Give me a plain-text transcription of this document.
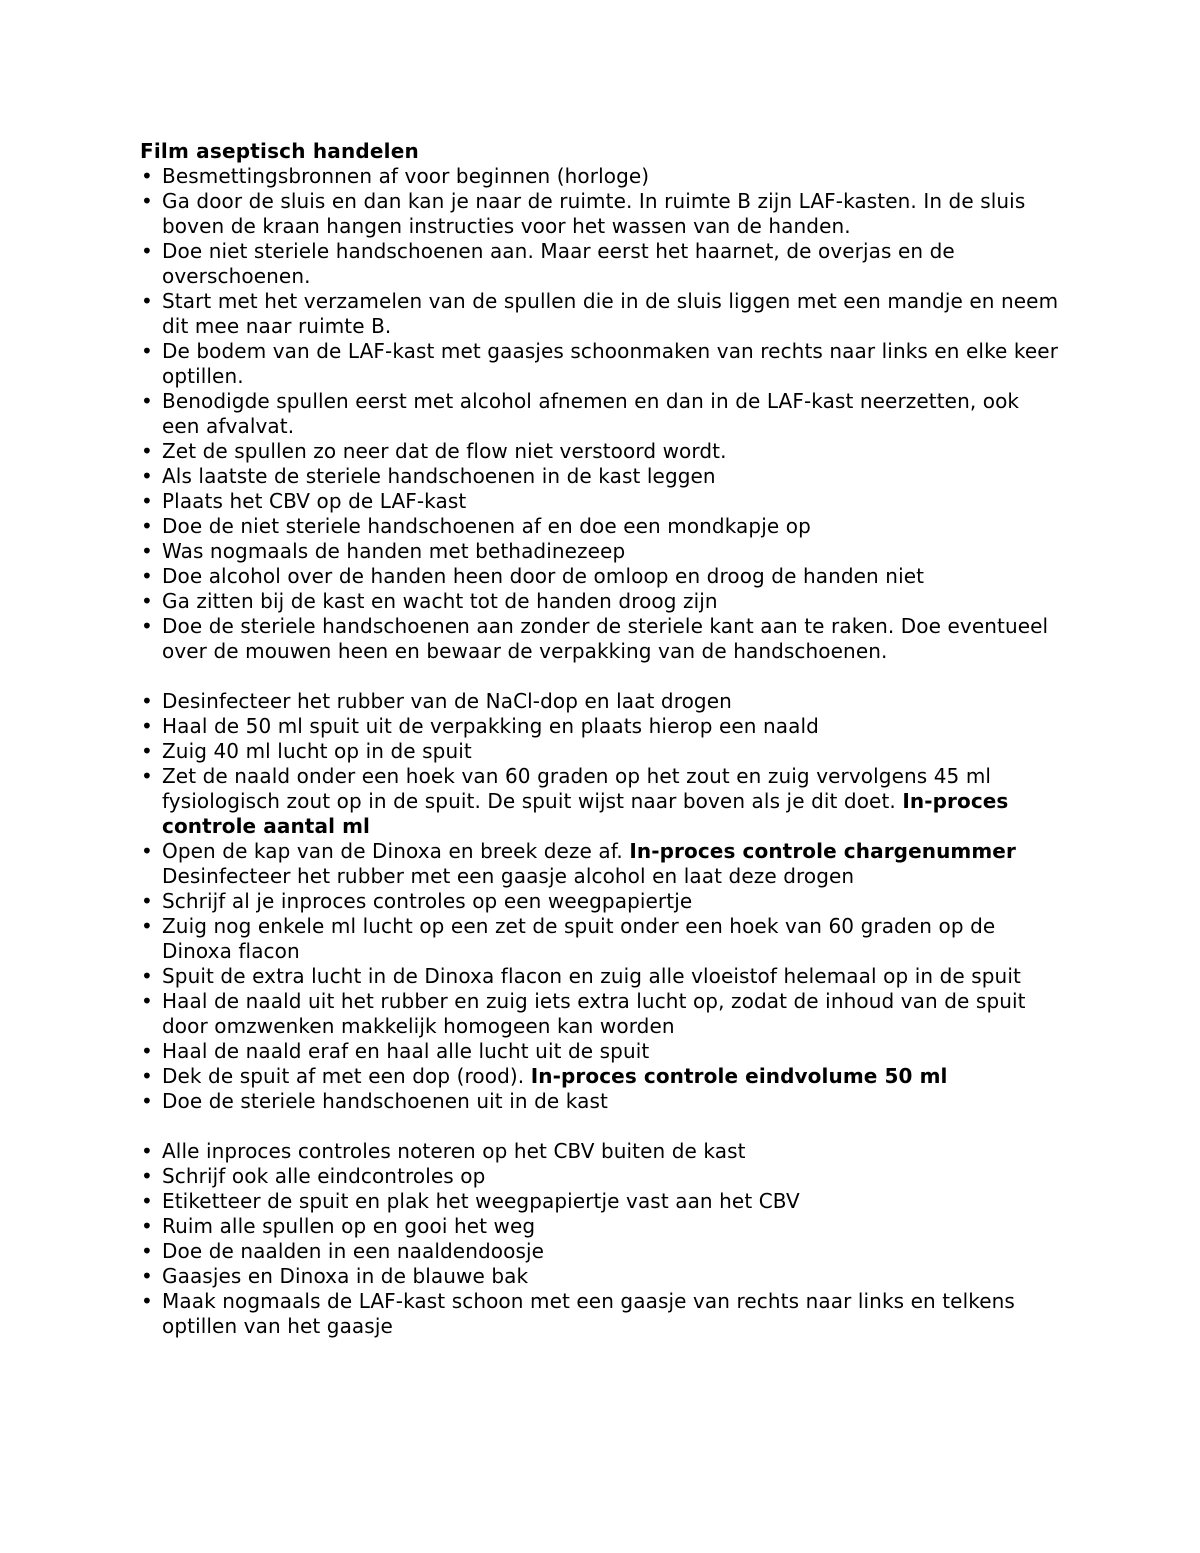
Film aseptisch handelen

• Besmettingsbronnen af voor beginnen (horloge)
• Ga door de sluis en dan kan je naar de ruimte. In ruimte B zijn LAF-kasten. In de sluis boven de kraan hangen instructies voor het wassen van de handen.
• Doe niet steriele handschoenen aan. Maar eerst het haarnet, de overjas en de overschoenen.
• Start met het verzamelen van de spullen die in de sluis liggen met een mandje en neem dit mee naar ruimte B.
• De bodem van de LAF-kast met gaasjes schoonmaken van rechts naar links en elke keer optillen.
• Benodigde spullen eerst met alcohol afnemen en dan in de LAF-kast neerzetten, ook een afvalvat.
• Zet de spullen zo neer dat de flow niet verstoord wordt.
• Als laatste de steriele handschoenen in de kast leggen
• Plaats het CBV op de LAF-kast
• Doe de niet steriele handschoenen af en doe een mondkapje op
• Was nogmaals de handen met bethadinezeep
• Doe alcohol over de handen heen door de omloop en droog de handen niet
• Ga zitten bij de kast en wacht tot de handen droog zijn
• Doe de steriele handschoenen aan zonder de steriele kant aan te raken. Doe eventueel over de mouwen heen en bewaar de verpakking van de handschoenen.
• Desinfecteer het rubber van de NaCl-dop en laat drogen
• Haal de 50 ml spuit uit de verpakking en plaats hierop een naald
• Zuig 40 ml lucht op in de spuit
• Zet de naald onder een hoek van 60 graden op het zout en zuig vervolgens 45 ml fysiologisch zout op in de spuit. De spuit wijst naar boven als je dit doet. In-proces controle aantal ml
• Open de kap van de Dinoxa en breek deze af. In-proces controle chargenummer Desinfecteer het rubber met een gaasje alcohol en laat deze drogen
• Schrijf al je inproces controles op een weegpapiertje
• Zuig nog enkele ml lucht op een zet de spuit onder een hoek van 60 graden op de Dinoxa flacon
• Spuit de extra lucht in de Dinoxa flacon en zuig alle vloeistof helemaal op in de spuit
• Haal de naald uit het rubber en zuig iets extra lucht op, zodat de inhoud van de spuit door omzwenken makkelijk homogeen kan worden
• Haal de naald eraf en haal alle lucht uit de spuit
• Dek de spuit af met een dop (rood). In-proces controle eindvolume 50 ml
• Doe de steriele handschoenen uit in de kast
• Alle inproces controles noteren op het CBV buiten de kast
• Schrijf ook alle eindcontroles op
• Etiketteer de spuit en plak het weegpapiertje vast aan het CBV
• Ruim alle spullen op en gooi het weg
• Doe de naalden in een naaldendoosje
• Gaasjes en Dinoxa in de blauwe bak
• Maak nogmaals de LAF-kast schoon met een gaasje van rechts naar links en telkens optillen van het gaasje
